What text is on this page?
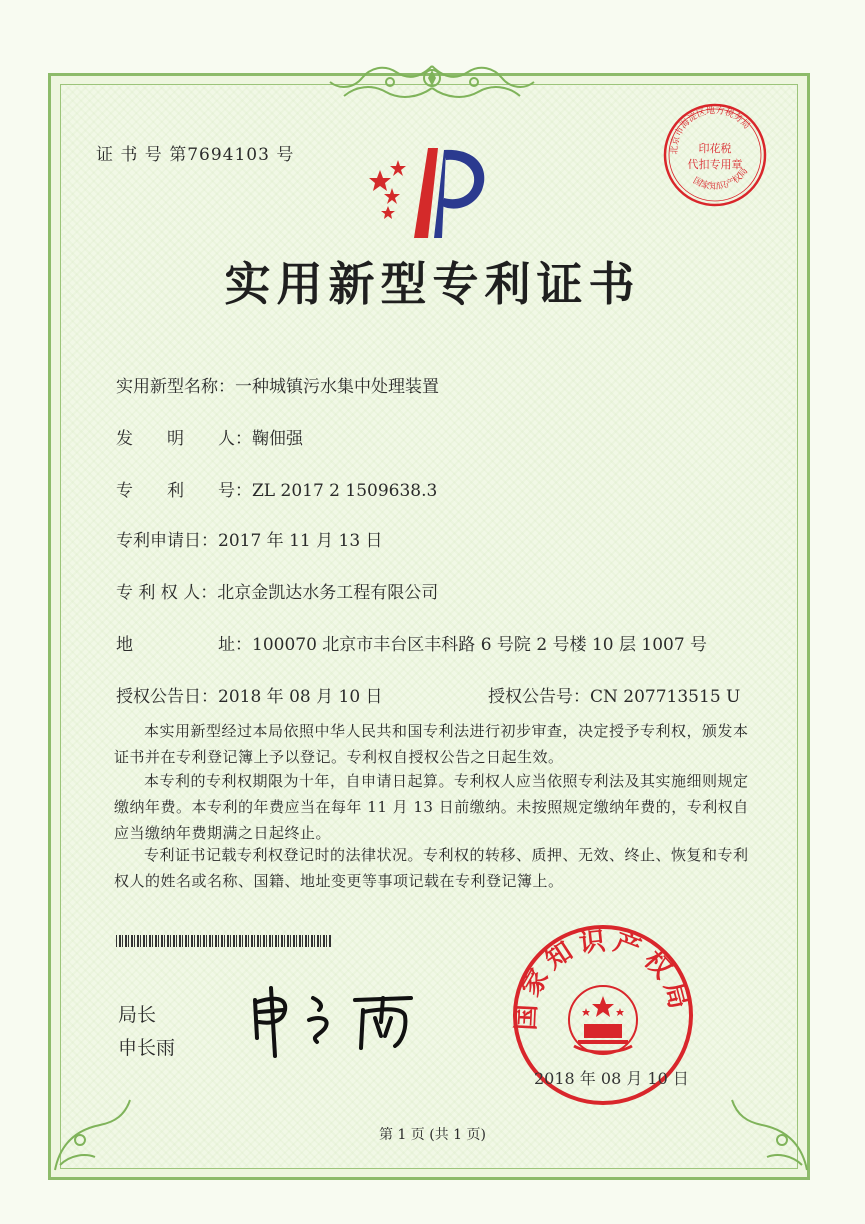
证 书 号 第7694103 号	北京市海淀区地方税务局
印花税
代扣专用章
国家知识产权局
实用新型专利证书
实用新型名称：一种城镇污水集中处理装置
发　　明　　人：鞠佃强
专　　利　　号：ZL 2017 2 1509638.3
专利申请日：2017 年 11 月 13 日
专 利 权 人：北京金凯达水务工程有限公司
地　　　　　址：100070 北京市丰台区丰科路 6 号院 2 号楼 10 层 1007 号
授权公告日：2018 年 08 月 10 日	授权公告号：CN 207713515 U
本实用新型经过本局依照中华人民共和国专利法进行初步审查，决定授予专利权，颁发本证书并在专利登记簿上予以登记。专利权自授权公告之日起生效。
本专利的专利权期限为十年，自申请日起算。专利权人应当依照专利法及其实施细则规定缴纳年费。本专利的年费应当在每年 11 月 13 日前缴纳。未按照规定缴纳年费的，专利权自应当缴纳年费期满之日起终止。
专利证书记载专利权登记时的法律状况。专利权的转移、质押、无效、终止、恢复和专利权人的姓名或名称、国籍、地址变更等事项记载在专利登记簿上。
局长
申长雨
国家知识产权局
2018 年 08 月 10 日
第 1 页 (共 1 页)
